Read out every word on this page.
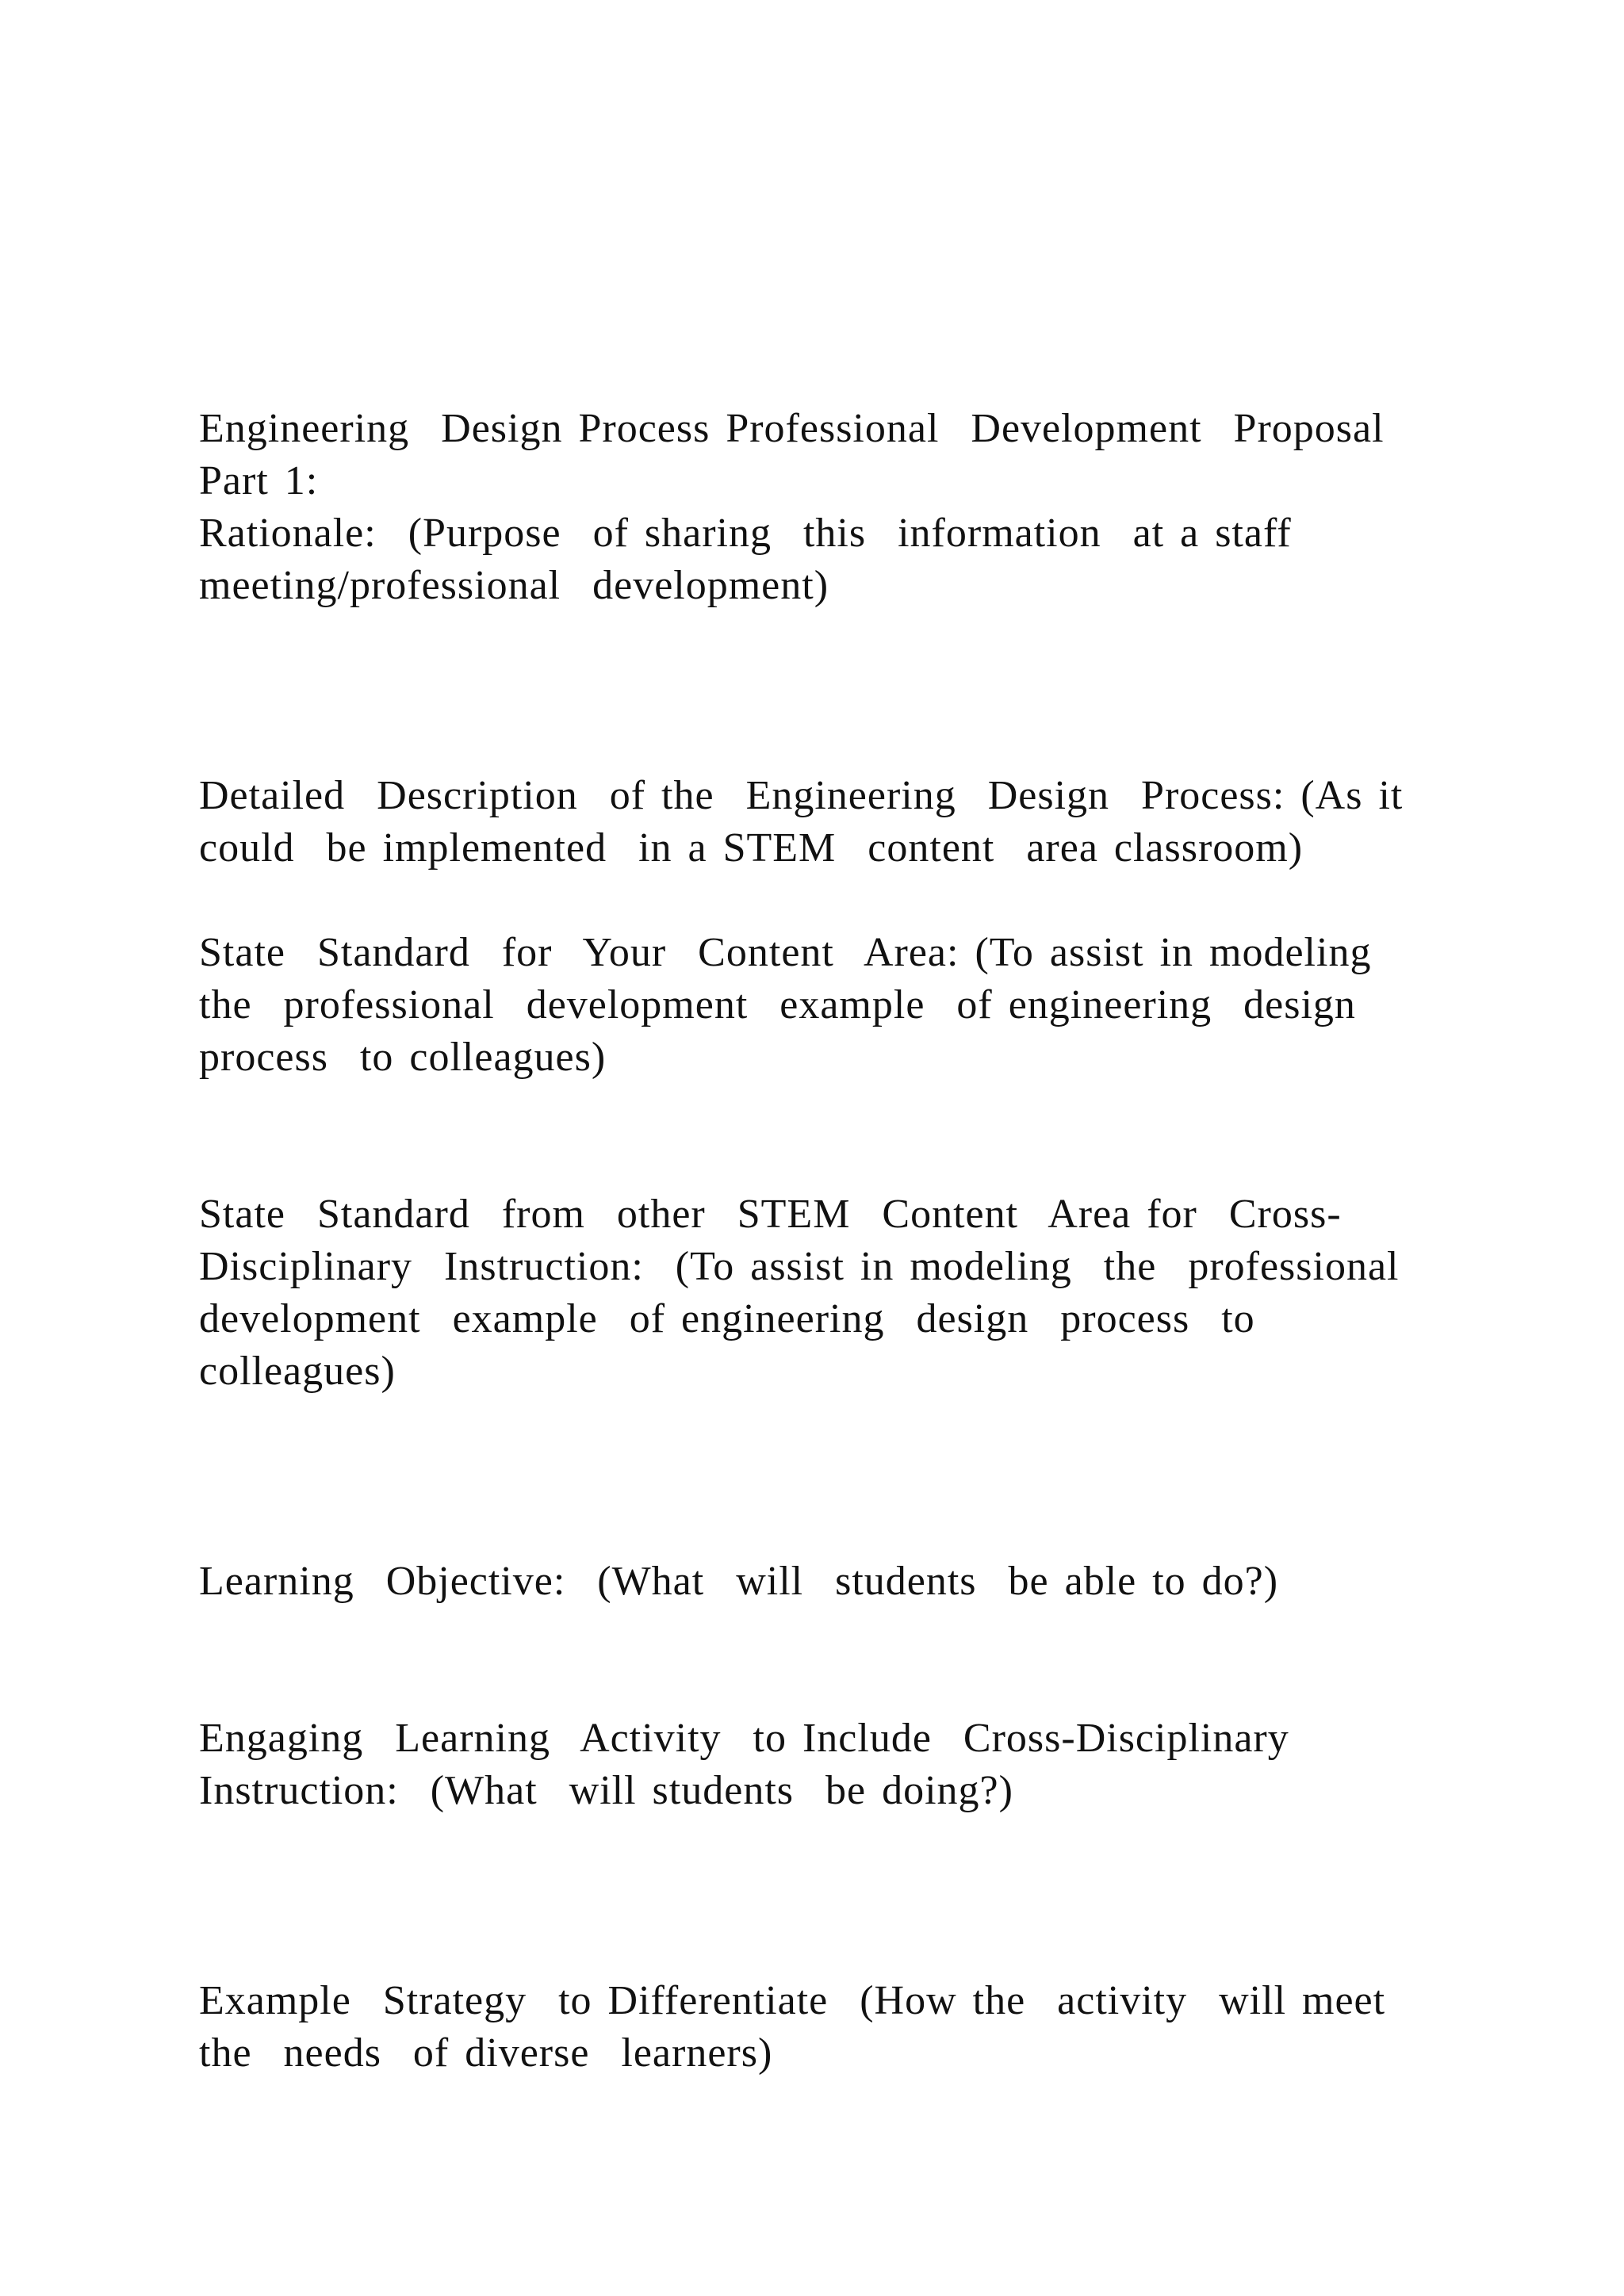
Engineering  Design Process Professional  Development  Proposal

Part 1:

Rationale:  (Purpose  of sharing  this  information  at a staff

meeting/professional  development)

Detailed  Description  of the  Engineering  Design  Process: (As it

could  be implemented  in a STEM  content  area classroom)

State  Standard  for  Your  Content  Area: (To assist in modeling

the  professional  development  example  of engineering  design

process  to colleagues)

State  Standard  from  other  STEM  Content  Area for  Cross-

Disciplinary  Instruction:  (To assist in modeling  the  professional

development  example  of engineering  design  process  to

colleagues)

Learning  Objective:  (What  will  students  be able to do?)

Engaging  Learning  Activity  to Include  Cross-Disciplinary

Instruction:  (What  will students  be doing?)

Example  Strategy  to Differentiate  (How the  activity  will meet

the  needs  of diverse  learners)
